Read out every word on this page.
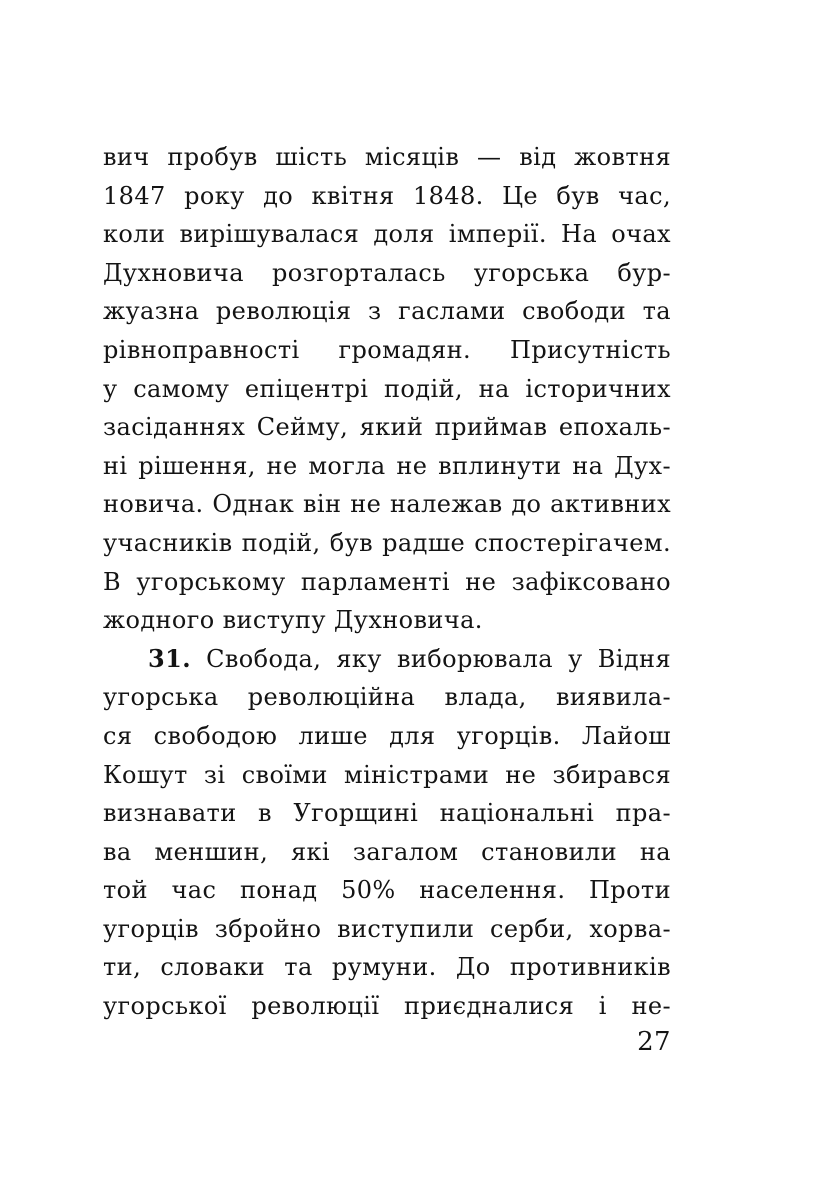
вич пробув шість місяців — від жовтня
1847 року до квітня 1848. Це був час,
коли вирішувалася доля імперії. На очах
Духновича розгорталась угорська бур-
жуазна революція з гаслами свободи та
рівноправності громадян. Присутність
у самому епіцентрі подій, на історичних
засіданнях Сейму, який приймав епохаль-
ні рішення, не могла не вплинути на Дух-
новича. Однак він не належав до активних
учасників подій, був радше спостерігачем.
В угорському парламенті не зафіксовано
жодного виступу Духновича.
31. Свобода, яку виборювала у Відня
угорська революційна влада, виявила-
ся свободою лише для угорців. Лайош
Кошут зі своїми міністрами не збирався
визнавати в Угорщині національні пра-
ва меншин, які загалом становили на
той час понад 50% населення. Проти
угорців збройно виступили серби, хорва-
ти, словаки та румуни. До противників
угорської революції приєдналися і не-
27
